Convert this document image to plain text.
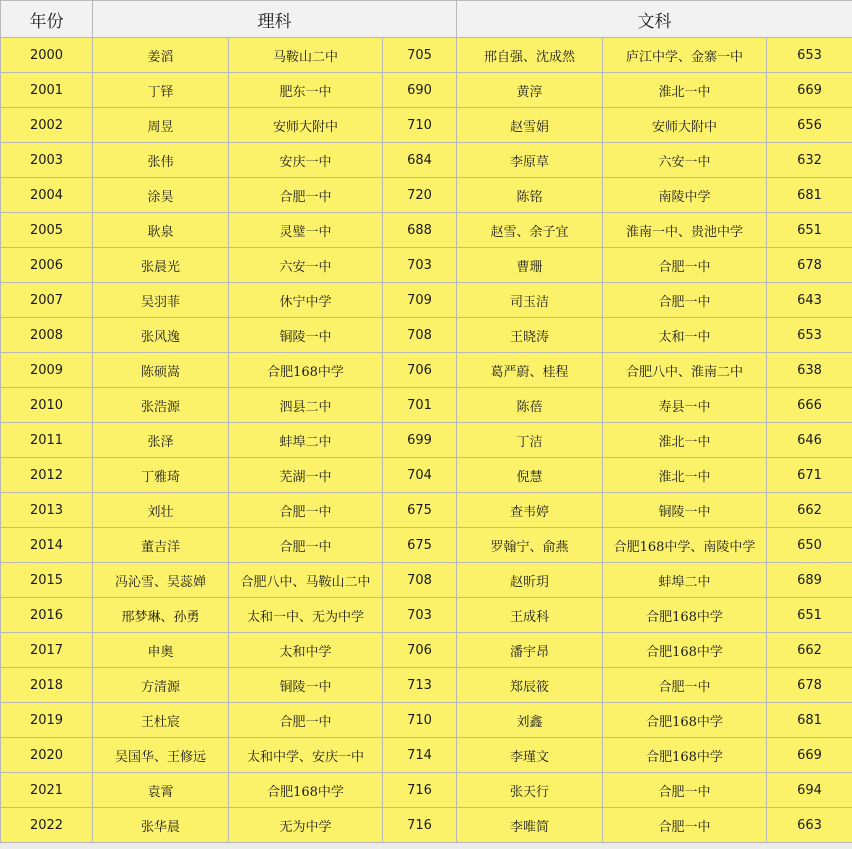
年份	理科			文科		
2000	姜滔	马鞍山二中	705	邢自强、沈成然	庐江中学、金寨一中	653
2001	丁铎	肥东一中	690	黄淳	淮北一中	669
2002	周昱	安师大附中	710	赵雪娟	安师大附中	656
2003	张伟	安庆一中	684	李原草	六安一中	632
2004	涂昊	合肥一中	720	陈铭	南陵中学	681
2005	耿泉	灵璧一中	688	赵雪、余子宜	淮南一中、贵池中学	651
2006	张晨光	六安一中	703	曹珊	合肥一中	678
2007	吴羽菲	休宁中学	709	司玉洁	合肥一中	643
2008	张风逸	铜陵一中	708	王晓涛	太和一中	653
2009	陈硕嵩	合肥168中学	706	葛严蔚、桂程	合肥八中、淮南二中	638
2010	张浩源	泗县二中	701	陈蓓	寿县一中	666
2011	张泽	蚌埠二中	699	丁洁	淮北一中	646
2012	丁雅琦	芜湖一中	704	倪慧	淮北一中	671
2013	刘壮	合肥一中	675	查韦婷	铜陵一中	662
2014	董吉洋	合肥一中	675	罗翰宁、俞燕	合肥168中学、南陵中学	650
2015	冯沁雪、吴蕊婵	合肥八中、马鞍山二中	708	赵昕玥	蚌埠二中	689
2016	邢梦琳、孙勇	太和一中、无为中学	703	王成科	合肥168中学	651
2017	申奥	太和中学	706	潘宇昂	合肥168中学	662
2018	方清源	铜陵一中	713	郑辰筱	合肥一中	678
2019	王杜宸	合肥一中	710	刘鑫	合肥168中学	681
2020	吴国华、王修远	太和中学、安庆一中	714	李瑾文	合肥168中学	669
2021	袁霄	合肥168中学	716	张天行	合肥一中	694
2022	张华晨	无为中学	716	李唯简	合肥一中	663
